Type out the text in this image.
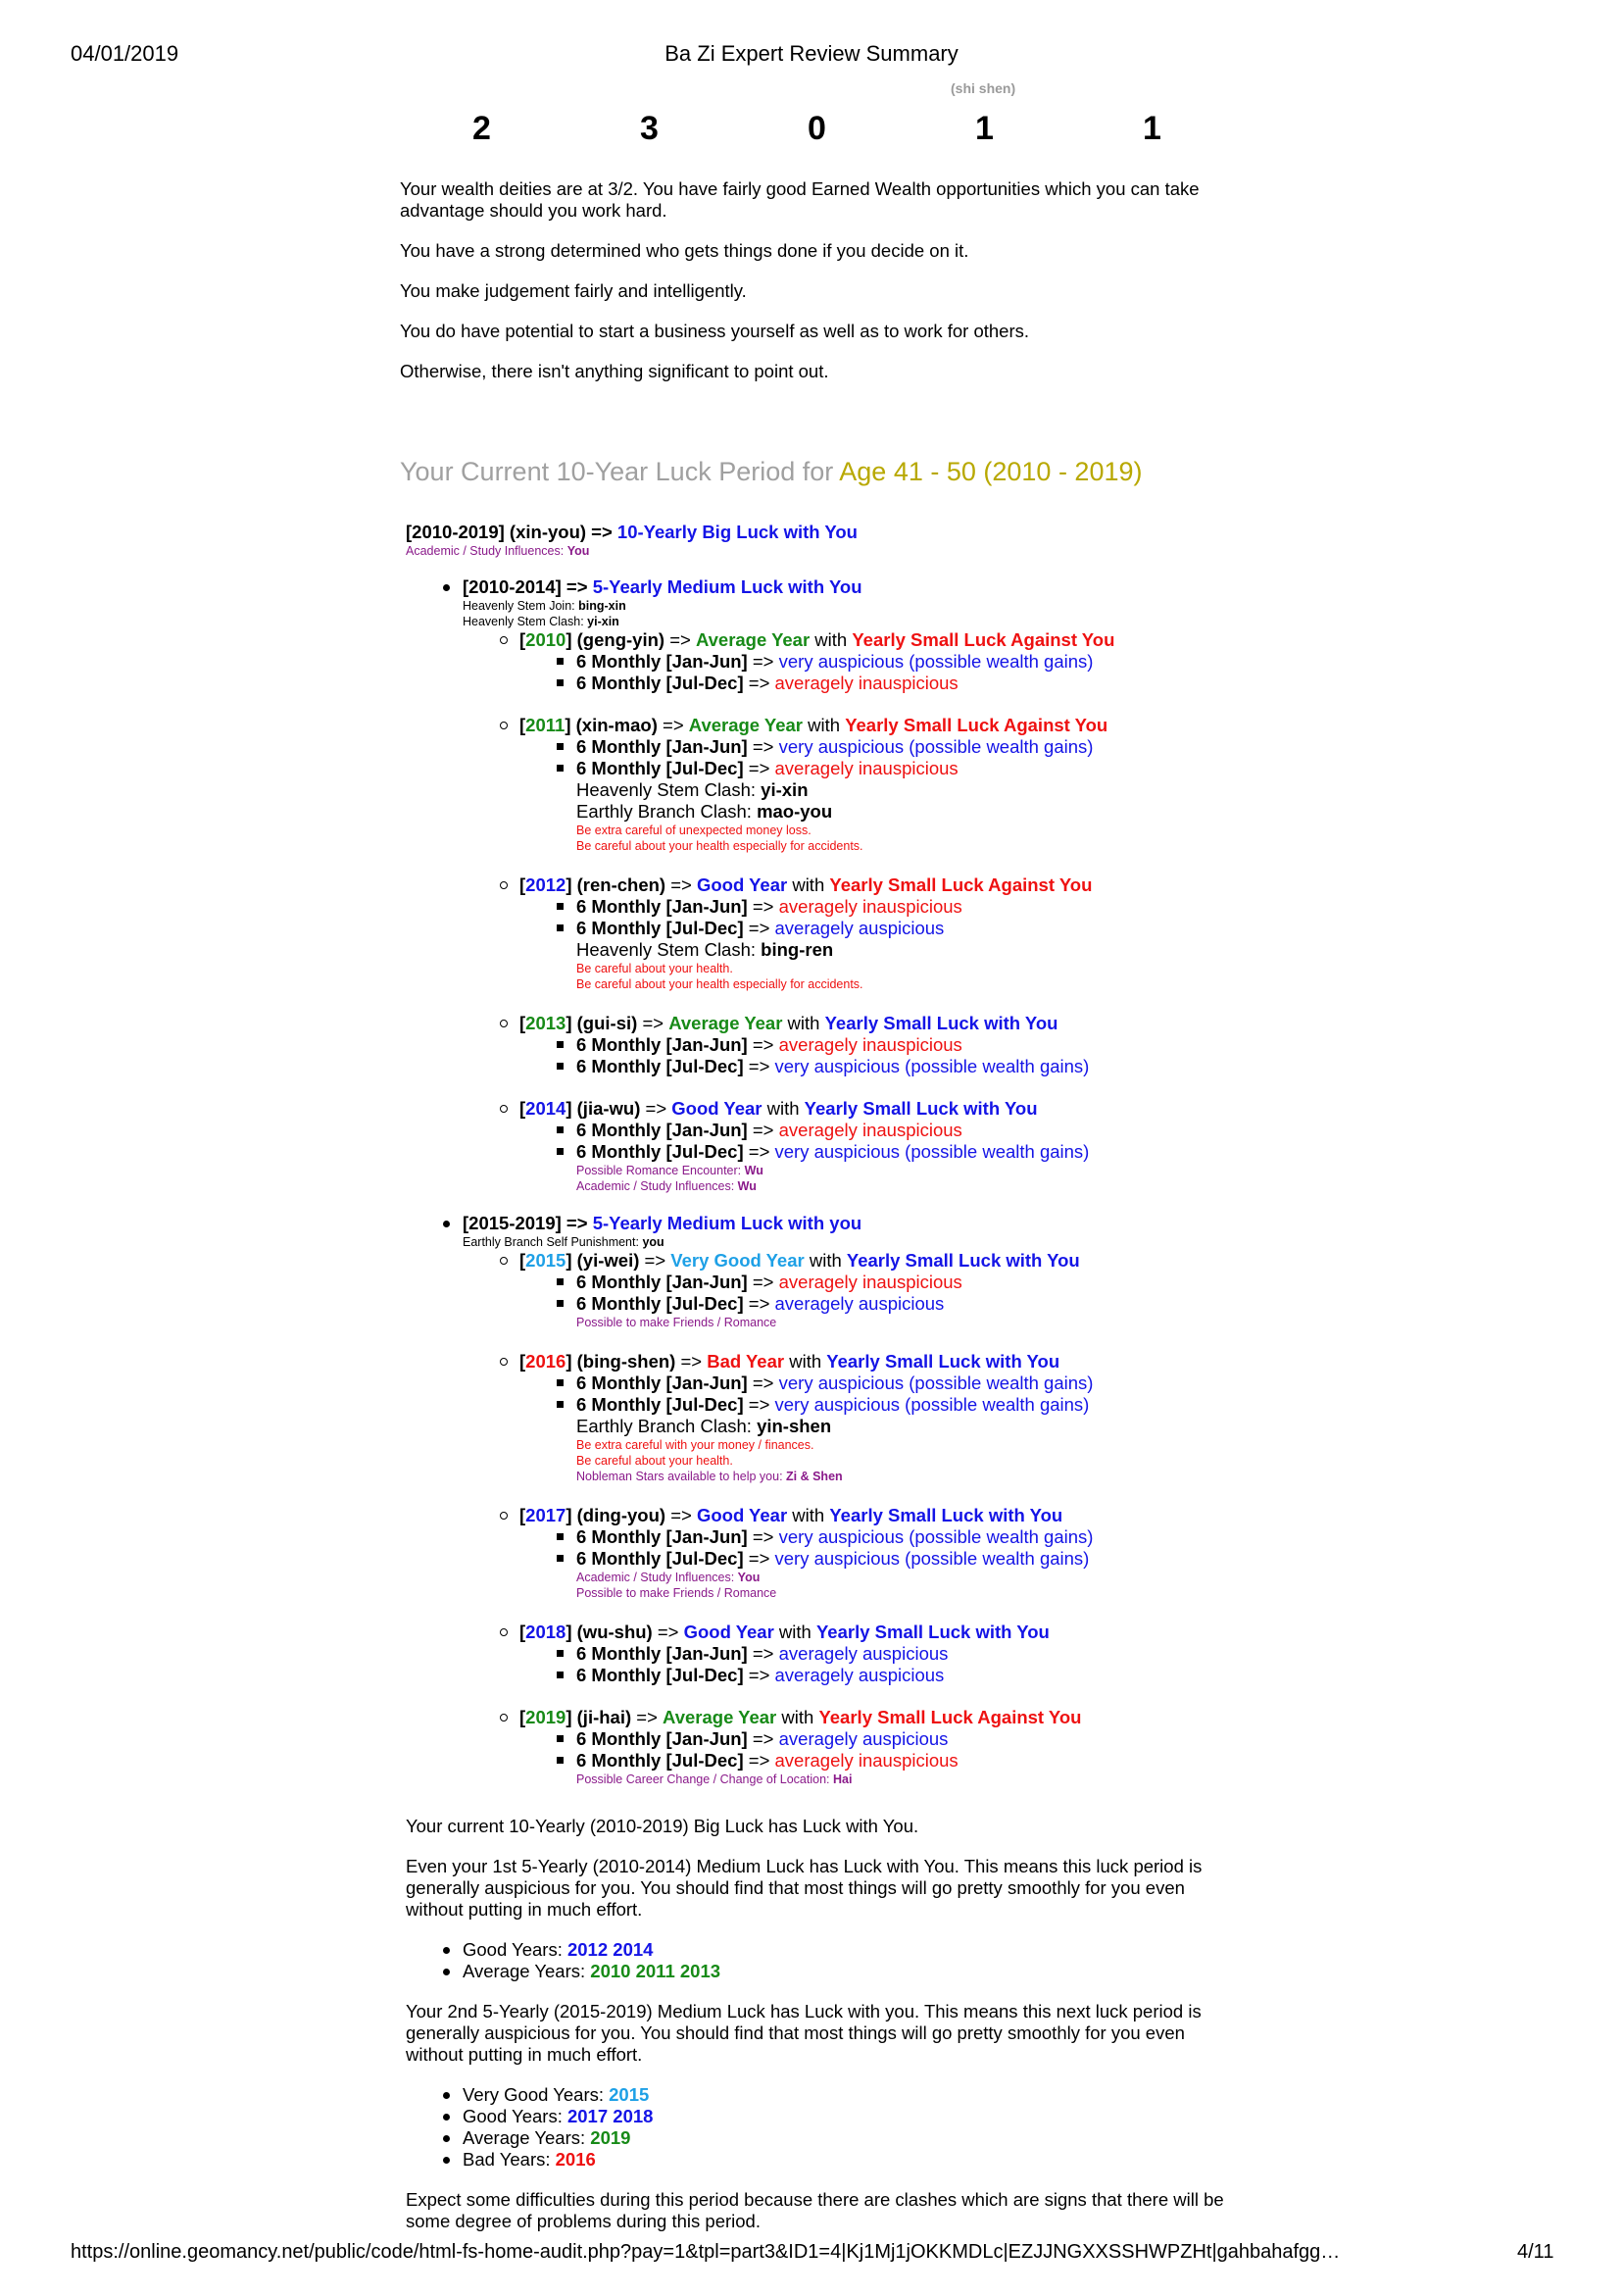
04/01/2019	Ba Zi Expert Review Summary
(shi shen)
2	3	0	1	1

Your wealth deities are at 3/2. You have fairly good Earned Wealth opportunities which you can take advantage should you work hard.

You have a strong determined who gets things done if you decide on it.

You make judgement fairly and intelligently.

You do have potential to start a business yourself as well as to work for others.

Otherwise, there isn't anything significant to point out.

Your Current 10-Year Luck Period for Age 41 - 50 (2010 - 2019)
[2010-2019] (xin-you) => 10-Yearly Big Luck with You
Academic / Study Influences: You
[2010-2014] => 5-Yearly Medium Luck with You
Heavenly Stem Join: bing-xin
Heavenly Stem Clash: yi-xin
[2010] (geng-yin) => Average Year with Yearly Small Luck Against You
6 Monthly [Jan-Jun] => very auspicious (possible wealth gains)
6 Monthly [Jul-Dec] => averagely inauspicious
[2011] (xin-mao) => Average Year with Yearly Small Luck Against You
6 Monthly [Jan-Jun] => very auspicious (possible wealth gains)
6 Monthly [Jul-Dec] => averagely inauspicious
Heavenly Stem Clash: yi-xin
Earthly Branch Clash: mao-you
Be extra careful of unexpected money loss.
Be careful about your health especially for accidents.
[2012] (ren-chen) => Good Year with Yearly Small Luck Against You
6 Monthly [Jan-Jun] => averagely inauspicious
6 Monthly [Jul-Dec] => averagely auspicious
Heavenly Stem Clash: bing-ren
Be careful about your health.
Be careful about your health especially for accidents.
[2013] (gui-si) => Average Year with Yearly Small Luck with You
6 Monthly [Jan-Jun] => averagely inauspicious
6 Monthly [Jul-Dec] => very auspicious (possible wealth gains)
[2014] (jia-wu) => Good Year with Yearly Small Luck with You
6 Monthly [Jan-Jun] => averagely inauspicious
6 Monthly [Jul-Dec] => very auspicious (possible wealth gains)
Possible Romance Encounter: Wu
Academic / Study Influences: Wu
[2015-2019] => 5-Yearly Medium Luck with you
Earthly Branch Self Punishment: you
[2015] (yi-wei) => Very Good Year with Yearly Small Luck with You
6 Monthly [Jan-Jun] => averagely inauspicious
6 Monthly [Jul-Dec] => averagely auspicious
Possible to make Friends / Romance
[2016] (bing-shen) => Bad Year with Yearly Small Luck with You
6 Monthly [Jan-Jun] => very auspicious (possible wealth gains)
6 Monthly [Jul-Dec] => very auspicious (possible wealth gains)
Earthly Branch Clash: yin-shen
Be extra careful with your money / finances.
Be careful about your health.
Nobleman Stars available to help you: Zi & Shen
[2017] (ding-you) => Good Year with Yearly Small Luck with You
6 Monthly [Jan-Jun] => very auspicious (possible wealth gains)
6 Monthly [Jul-Dec] => very auspicious (possible wealth gains)
Academic / Study Influences: You
Possible to make Friends / Romance
[2018] (wu-shu) => Good Year with Yearly Small Luck with You
6 Monthly [Jan-Jun] => averagely auspicious
6 Monthly [Jul-Dec] => averagely auspicious
[2019] (ji-hai) => Average Year with Yearly Small Luck Against You
6 Monthly [Jan-Jun] => averagely auspicious
6 Monthly [Jul-Dec] => averagely inauspicious
Possible Career Change / Change of Location: Hai

Your current 10-Yearly (2010-2019) Big Luck has Luck with You.

Even your 1st 5-Yearly (2010-2014) Medium Luck has Luck with You. This means this luck period is generally auspicious for you. You should find that most things will go pretty smoothly for you even without putting in much effort.

Good Years: 2012 2014
Average Years: 2010 2011 2013

Your 2nd 5-Yearly (2015-2019) Medium Luck has Luck with you. This means this next luck period is generally auspicious for you. You should find that most things will go pretty smoothly for you even without putting in much effort.

Very Good Years: 2015
Good Years: 2017 2018
Average Years: 2019
Bad Years: 2016

Expect some difficulties during this period because there are clashes which are signs that there will be some degree of problems during this period.

https://online.geomancy.net/public/code/html-fs-home-audit.php?pay=1&tpl=part3&ID1=4|Kj1Mj1jOKKMDLc|EZJJNGXXSSHWPZHt|gahbahafgg…	4/11
